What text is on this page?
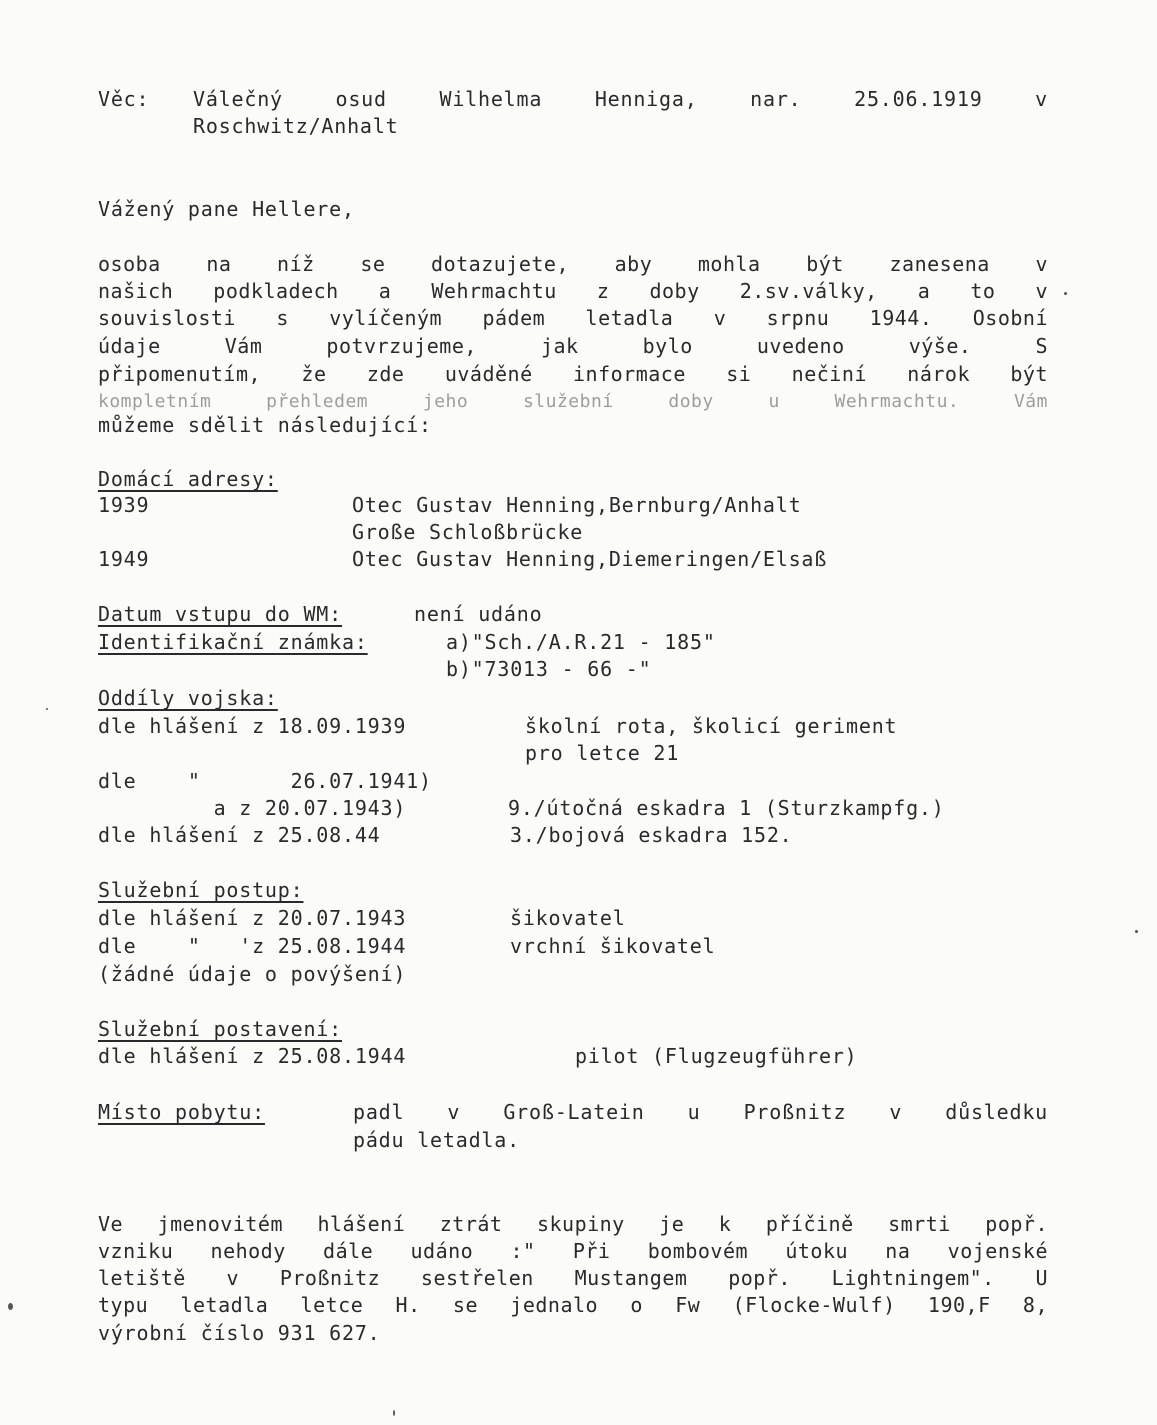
Věc: Válečný osud Wilhelma Henniga, nar. 25.06.1919 v
Roschwitz/Anhalt
Vážený pane Hellere,
osoba na níž se dotazujete, aby mohla být zanesena v
našich podkladech a Wehrmachtu z doby 2.sv.války, a to v
souvislosti s vylíčeným pádem letadla v srpnu 1944. Osobní
údaje Vám potvrzujeme, jak bylo uvedeno výše. S
připomenutím, že zde uváděné informace si nečiní nárok být
kompletním přehledem jeho služební doby u Wehrmachtu. Vám
můžeme sdělit následující:
Domácí adresy:
1939	Otec Gustav Henning,Bernburg/Anhalt
Große Schloßbrücke
1949	Otec Gustav Henning,Diemeringen/Elsaß
Datum vstupu do WM:	není udáno
Identifikační známka:	a)"Sch./A.R.21 - 185"
b)"73013 - 66 -"
Oddíly vojska:
dle hlášení z 18.09.1939	školní rota, školicí geriment
pro letce 21
dle    "       26.07.1941)
a z 20.07.1943)	9./útočná eskadra 1 (Sturzkampfg.)
dle hlášení z 25.08.44	3./bojová eskadra 152.
Služební postup:
dle hlášení z 20.07.1943	šikovatel
dle    "   'z 25.08.1944	vrchní šikovatel
(žádné údaje o povýšení)
Služební postavení:
dle hlášení z 25.08.1944	pilot (Flugzeugführer)
Místo pobytu:	padl v Groß-Latein u Proßnitz v důsledku
pádu letadla.
Ve jmenovitém hlášení ztrát skupiny je k příčině smrti popř.
vzniku nehody dále udáno :" Při bombovém útoku na vojenské
letiště v Proßnitz sestřelen Mustangem popř. Lightningem". U
typu letadla letce H. se jednalo o Fw (Flocke-Wulf) 190,F 8,
výrobní číslo 931 627.
